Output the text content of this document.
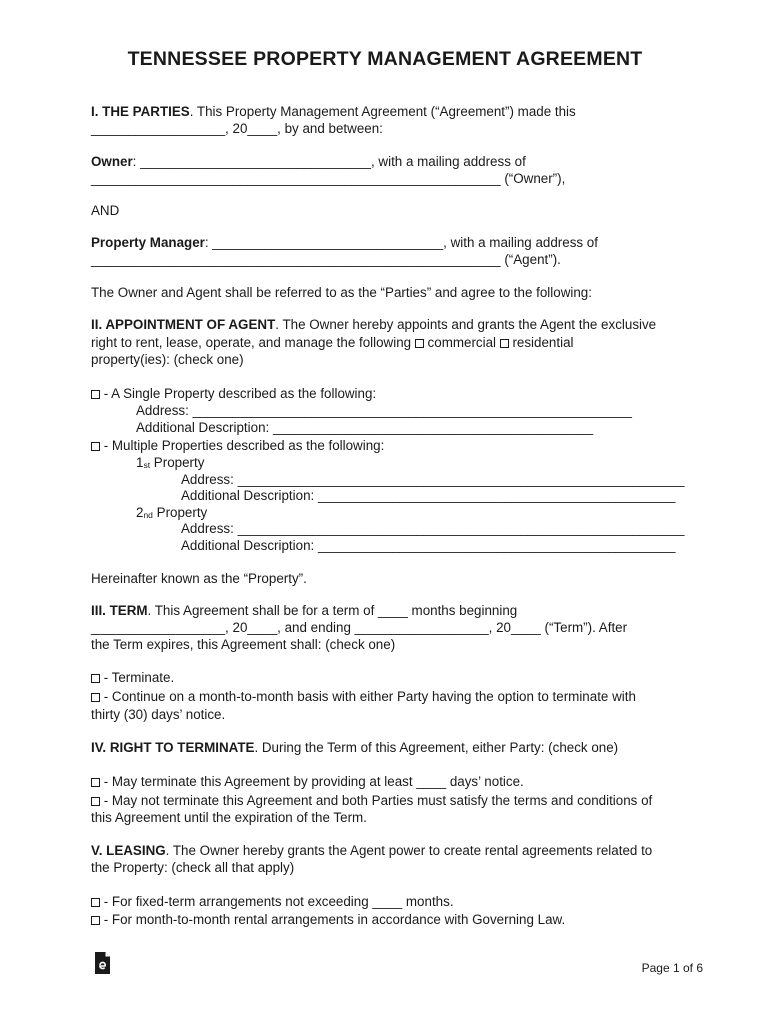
TENNESSEE PROPERTY MANAGEMENT AGREEMENT
I. THE PARTIES. This Property Management Agreement (“Agreement”) made this
__________________, 20____, by and between:
Owner: _______________________________, with a mailing address of
_______________________________________________________ (“Owner”),
AND
Property Manager: _______________________________, with a mailing address of
_______________________________________________________ (“Agent”).
The Owner and Agent shall be referred to as the “Parties” and agree to the following:
II. APPOINTMENT OF AGENT. The Owner hereby appoints and grants the Agent the exclusive
right to rent, lease, operate, and manage the following  commercial  residential
property(ies): (check one)
- A Single Property described as the following:
Address: ___________________________________________________________
Additional Description: ___________________________________________
- Multiple Properties described as the following:
1st Property
Address: ____________________________________________________________
Additional Description: ________________________________________________
2nd Property
Address: ____________________________________________________________
Additional Description: ________________________________________________
Hereinafter known as the “Property”.
III. TERM. This Agreement shall be for a term of ____ months beginning
__________________, 20____, and ending __________________, 20____ (“Term”). After
the Term expires, this Agreement shall: (check one)
- Terminate.
- Continue on a month-to-month basis with either Party having the option to terminate with
thirty (30) days’ notice.
IV. RIGHT TO TERMINATE. During the Term of this Agreement, either Party: (check one)
- May terminate this Agreement by providing at least ____ days’ notice.
- May not terminate this Agreement and both Parties must satisfy the terms and conditions of
this Agreement until the expiration of the Term.
V. LEASING. The Owner hereby grants the Agent power to create rental agreements related to
the Property: (check all that apply)
- For fixed-term arrangements not exceeding ____ months.
- For month-to-month rental arrangements in accordance with Governing Law.
Page 1 of 6
